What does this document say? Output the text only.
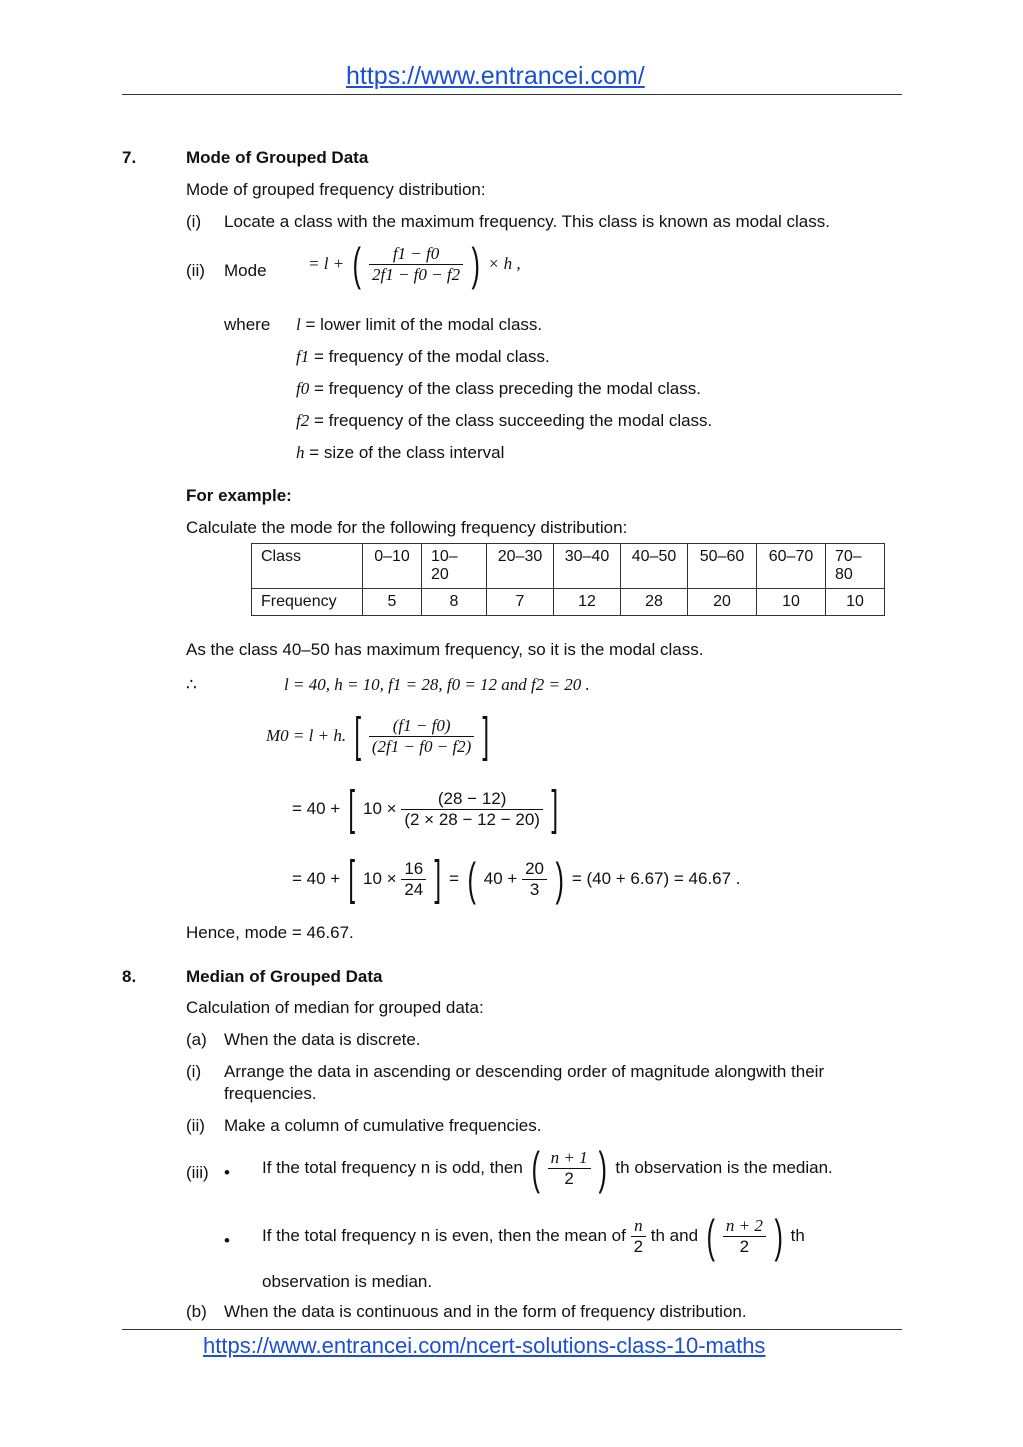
https://www.entrancei.com/
7.	Mode of Grouped Data
Mode of grouped frequency distribution:
(i) Locate a class with the maximum frequency. This class is known as modal class.
(ii) Mode = l + ( $\frac{f1 - f0}{2f1 - f0 - f2}$ ) × h ,
where l = lower limit of the modal class.
f1 = frequency of the modal class.
f0 = frequency of the class preceding the modal class.
f2 = frequency of the class succeeding the modal class.
h = size of the class interval
For example:
Calculate the mode for the following frequency distribution:
Class	0–10	10– 20	20–30	30–40	40–50	50–60	60–70	70– 80
Frequency	5	8	7	12	28	20	10	10
As the class 40–50 has maximum frequency, so it is the modal class.
∴	l = 40, h = 10, f1 = 28, f0 = 12 and f2 = 20 .
M0 = l + h. [ $\frac{(f1 - f0)}{(2f1 - f0 - f2)}$ ]
= 40 + [ $10 \times \frac{(28 - 12)}{(2 \times 28 - 12 - 20)}$ ]
= 40 + [ $10 \times \frac{16}{24}$ ] = ( $40 + \frac{20}{3}$ ) = (40 + 6.67) = 46.67 .
Hence, mode = 46.67.
8.	Median of Grouped Data
Calculation of median for grouped data:
(a) When the data is discrete.
(i) Arrange the data in ascending or descending order of magnitude alongwith their
frequencies.
(ii) Make a column of cumulative frequencies.
(iii) • If the total frequency n is odd, then ( $\frac{n + 1}{2}$ ) th observation is the median.
• If the total frequency n is even, then the mean of $\frac{n}{2}$ th and ( $\frac{n + 2}{2}$ ) th
observation is median.
(b) When the data is continuous and in the form of frequency distribution.
https://www.entrancei.com/ncert-solutions-class-10-maths
